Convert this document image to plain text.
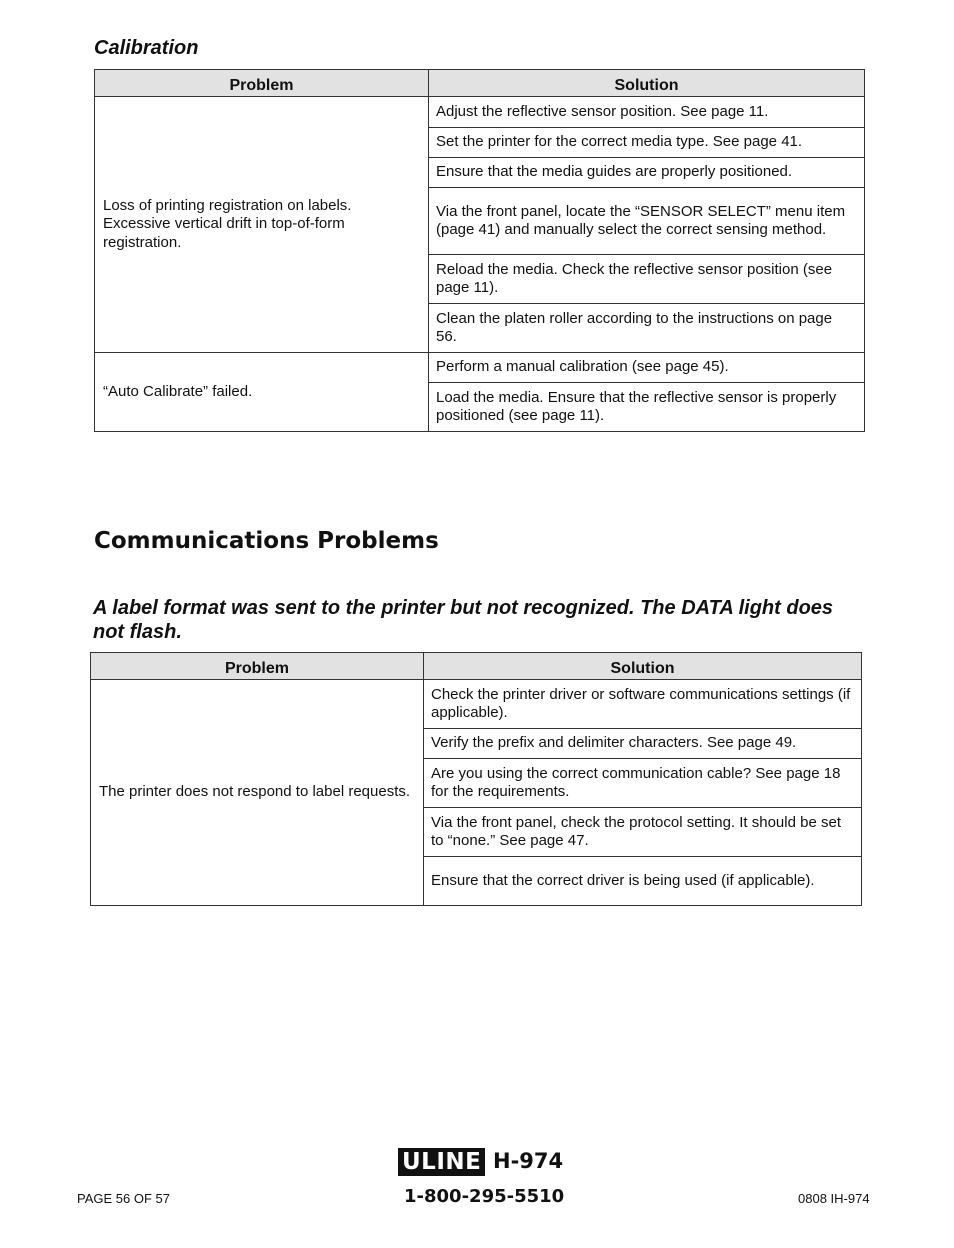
Calibration
Problem	Solution
Loss of printing registration on labels. Excessive vertical drift in top-of-form registration.	Adjust the reflective sensor position. See page 11.
	Set the printer for the correct media type. See page 41.
	Ensure that the media guides are properly positioned.
	Via the front panel, locate the “SENSOR SELECT” menu item (page 41) and manually select the correct sensing method.
	Reload the media. Check the reflective sensor position (see page 11).
	Clean the platen roller according to the instructions on page 56.
“Auto Calibrate” failed.	Perform a manual calibration (see page 45).
	Load the media. Ensure that the reflective sensor is properly positioned (see page 11).
Communications Problems
A label format was sent to the printer but not recognized. The DATA light does not flash.
Problem	Solution
The printer does not respond to label requests.	Check the printer driver or software communications settings (if applicable).
	Verify the prefix and delimiter characters. See page 49.
	Are you using the correct communication cable? See page 18 for the requirements.
	Via the front panel, check the protocol setting. It should be set to “none.” See page 47.
	Ensure that the correct driver is being used (if applicable).
PAGE 56 OF 57
ULINE H-974
1-800-295-5510	0808 IH-974
